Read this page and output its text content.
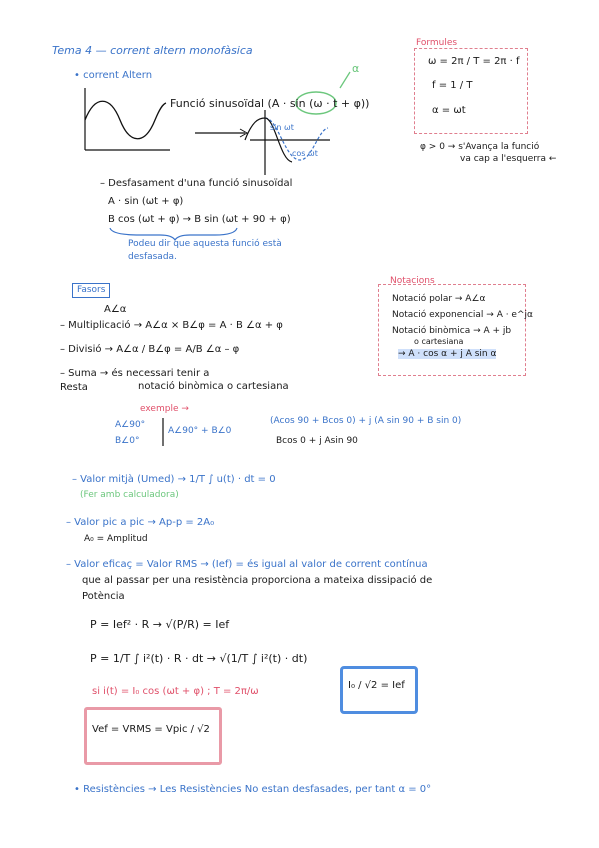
Tema 4 — corrent altern monofàsica
• corrent Altern
Funció sinusoïdal (A · sin (ω · t + φ))
α
sin ωt
cos ωt
Formules
ω = 2π / T = 2π · f
f = 1 / T
α = ωt
φ > 0 → s'Avança la funció
va cap a l'esquerra ←
– Desfasament d'una funció sinusoïdal
A · sin (ωt + φ)
B cos (ωt + φ) → B sin (ωt + 90 + φ)
Podeu dir que aquesta funció està
desfasada.
Fasors
A∠α
– Multiplicació → A∠α × B∠φ = A · B ∠α + φ
– Divisió → A∠α / B∠φ = A/B ∠α – φ
– Suma → és necessari tenir a
Resta	notació binòmica o cartesiana
exemple →
A∠90°
B∠0°
A∠90° + B∠0
(Acos 90 + Bcos 0) + j (A sin 90 + B sin 0)
Bcos 0 + j Asin 90
Notacions
Notació polar → A∠α
Notació exponencial → A · e^jα
Notació binòmica → A + jb
o cartesiana
→ A · cos α + j A sin α
– Valor mitjà (Umed) → 1/T ∫ u(t) · dt = 0
(Fer amb calculadora)
– Valor pic a pic → Ap-p = 2A₀
A₀ = Amplitud
– Valor eficaç = Valor RMS → (Ief) = és igual al valor de corrent contínua
que al passar per una resistència proporciona a mateixa dissipació de
Potència
P = Ief² · R → √(P/R) = Ief
P = 1/T ∫ i²(t) · R · dt → √(1/T ∫ i²(t) · dt)
si i(t) = I₀ cos (ωt + φ) ; T = 2π/ω
I₀ / √2 = Ief
Vef = VRMS = Vpic / √2
• Resistències → Les Resistències No estan desfasades, per tant α = 0°
